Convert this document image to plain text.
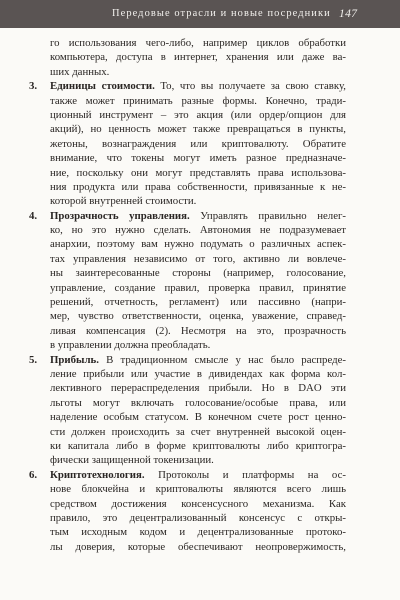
Передовые отрасли и новые посредники 147
го использования чего-либо, например циклов обработки
компьютера, доступа в интернет, хранения или даже ва-
ших данных.
3. Единицы стоимости. То, что вы получаете за свою ставку,
также может принимать разные формы. Конечно, тради-
ционный инструмент – это акция (или ордер/опцион для
акций), но ценность может также превращаться в пункты,
жетоны, вознаграждения или криптовалюту. Обратите
внимание, что токены могут иметь разное предназначе-
ние, поскольку они могут представлять права использова-
ния продукта или права собственности, привязанные к не-
которой внутренней стоимости.
4. Прозрачность управления. Управлять правильно нелег-
ко, но это нужно сделать. Автономия не подразумевает
анархии, поэтому вам нужно подумать о различных аспек-
тах управления независимо от того, активно ли вовлече-
ны заинтересованные стороны (например, голосование,
управление, создание правил, проверка правил, принятие
решений, отчетность, регламент) или пассивно (напри-
мер, чувство ответственности, оценка, уважение, справед-
ливая компенсация (2). Несмотря на это, прозрачность
в управлении должна преобладать.
5. Прибыль. В традиционном смысле у нас было распреде-
ление прибыли или участие в дивидендах как форма кол-
лективного перераспределения прибыли. Но в DAO эти
льготы могут включать голосование/особые права, или
наделение особым статусом. В конечном счете рост ценно-
сти должен происходить за счет внутренней высокой оцен-
ки капитала либо в форме криптовалюты либо криптогра-
фически защищенной токенизации.
6. Криптотехнология. Протоколы и платформы на ос-
нове блокчейна и криптовалюты являются всего лишь
средством достижения консенсусного механизма. Как
правило, это децентрализованный консенсус с откры-
тым исходным кодом и децентрализованные протоко-
лы доверия, которые обеспечивают неопровержимость,
